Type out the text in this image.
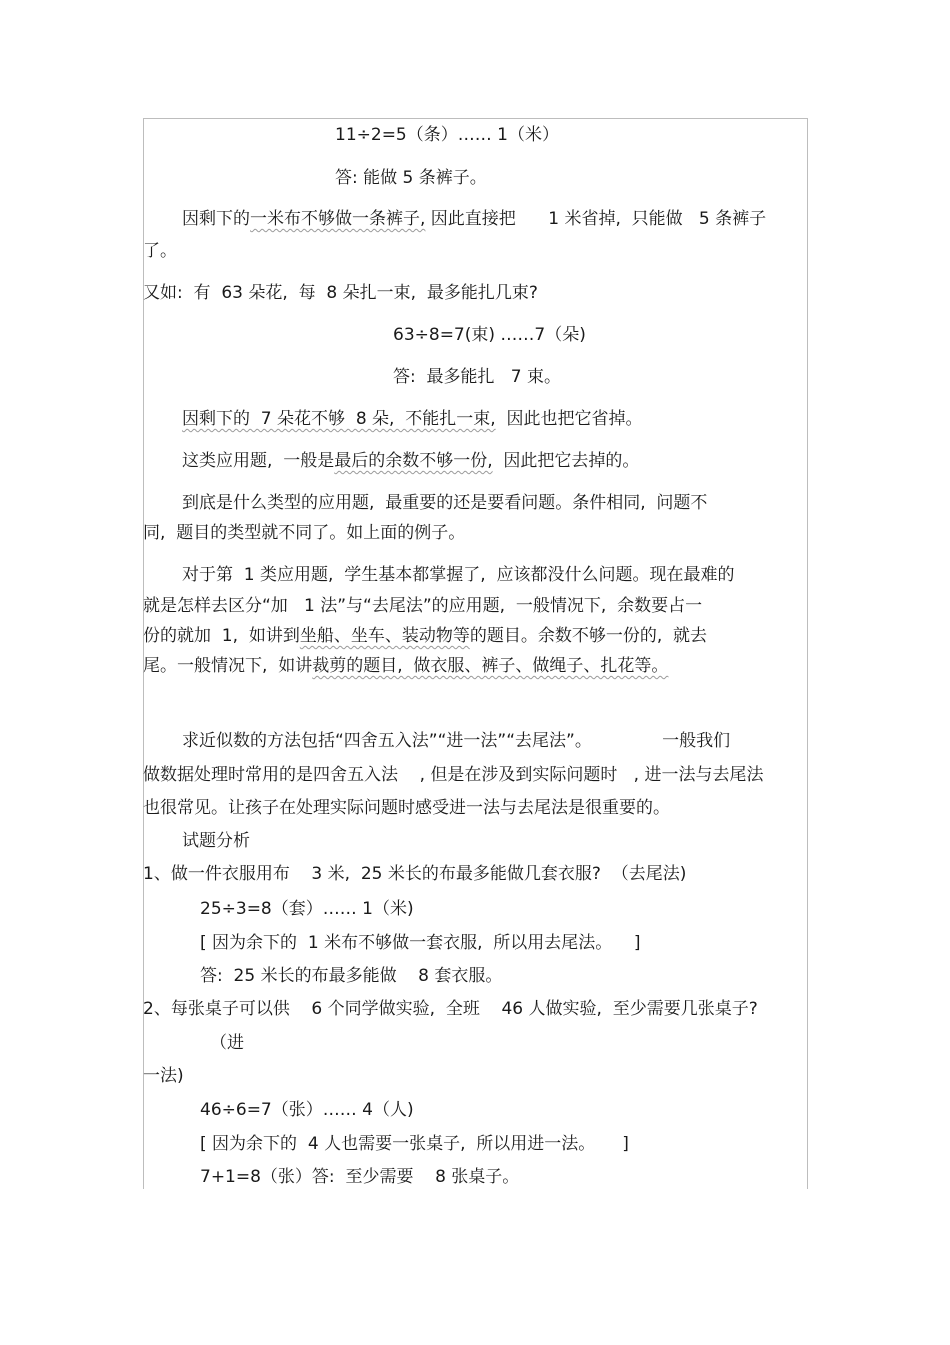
11÷2=5（条）…… 1（米）
答: 能做 5 条裤子。
因剩下的一米布不够做一条裤子, 因此直接把      1 米省掉,  只能做   5 条裤子
了。
又如:  有  63 朵花,  每  8 朵扎一束,  最多能扎几束?
63÷8=7(束) ……7（朵)
答:  最多能扎   7 束。
因剩下的  7 朵花不够  8 朵,  不能扎一束,  因此也把它省掉。
这类应用题,  一般是最后的余数不够一份,  因此把它去掉的。
到底是什么类型的应用题,  最重要的还是要看问题。条件相同,  问题不
同,  题目的类型就不同了。如上面的例子。
对于第  1 类应用题,  学生基本都掌握了,  应该都没什么问题。现在最难的
就是怎样去区分“加   1 法”与“去尾法”的应用题,  一般情况下,  余数要占一
份的就加  1,  如讲到坐船、坐车、装动物等的题目。余数不够一份的,  就去
尾。一般情况下,  如讲裁剪的题目,  做衣服、裤子、做绳子、扎花等。
求近似数的方法包括“四舍五入法”“进一法”“去尾法”。             一般我们
做数据处理时常用的是四舍五入法    , 但是在涉及到实际问题时   , 进一法与去尾法
也很常见。让孩子在处理实际问题时感受进一法与去尾法是很重要的。
试题分析
1、做一件衣服用布    3 米,  25 米长的布最多能做几套衣服?  （去尾法)
25÷3=8（套）…… 1（米)
[ 因为余下的  1 米布不够做一套衣服,  所以用去尾法。    ]
答:  25 米长的布最多能做    8 套衣服。
2、每张桌子可以供    6 个同学做实验,  全班    46 人做实验,  至少需要几张桌子?
（进
一法)
46÷6=7（张）…… 4（人)
[ 因为余下的  4 人也需要一张桌子,  所以用进一法。     ]
7+1=8（张）答:  至少需要    8 张桌子。
